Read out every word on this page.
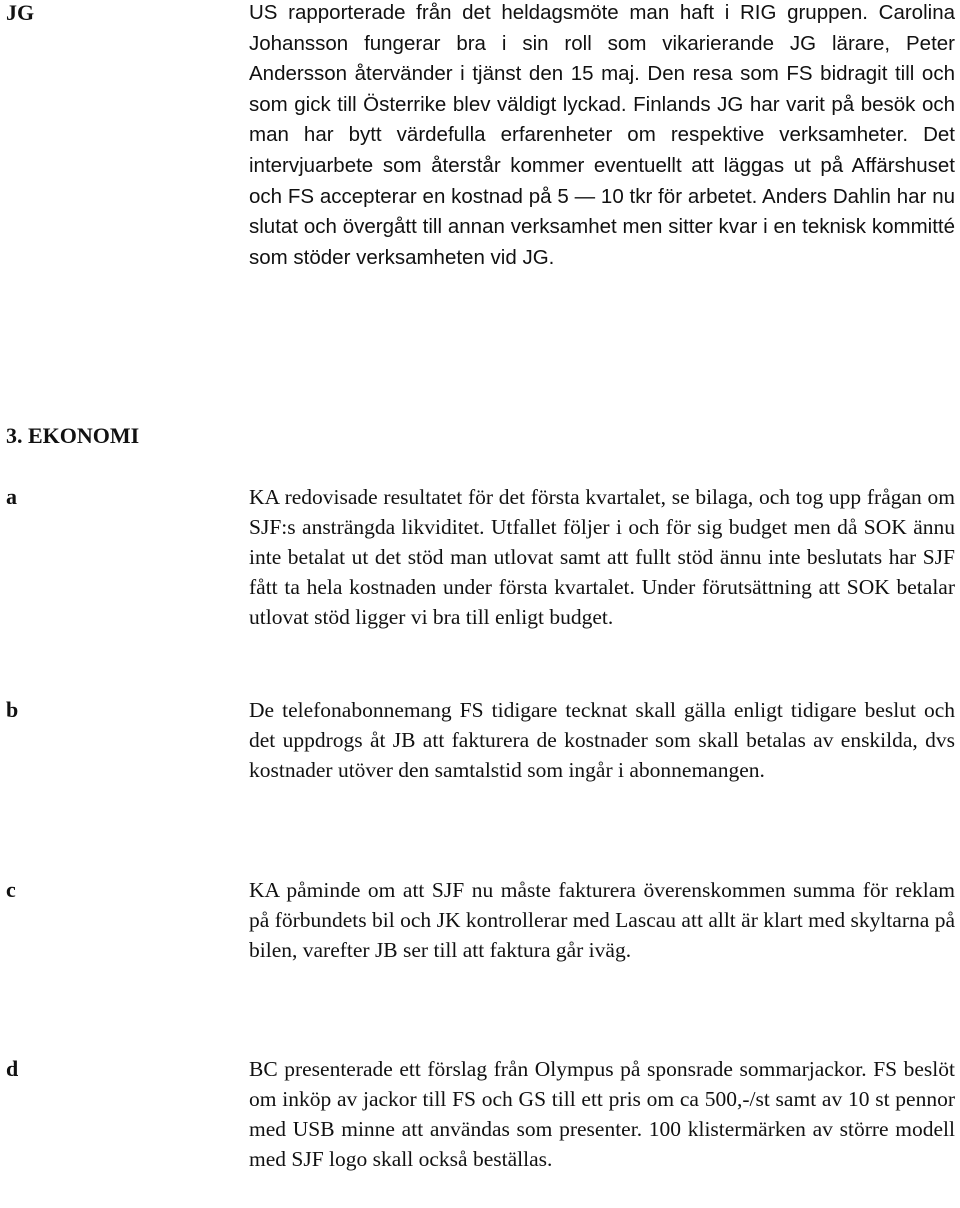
JG	US rapporterade från det heldagsmöte man haft i RIG gruppen. Carolina Johansson fungerar bra i sin roll som vikarierande JG lärare, Peter Andersson återvänder i tjänst den 15 maj. Den resa som FS bidragit till och som gick till Österrike blev väldigt lyckad. Finlands JG har varit på besök och man har bytt värdefulla erfarenheter om respektive verksamheter. Det intervjuarbete som återstår kommer eventuellt att läggas ut på Affärshuset och FS accepterar en kostnad på 5 — 10 tkr för arbetet. Anders Dahlin har nu slutat och övergått till annan verksamhet men sitter kvar i en teknisk kommitté som stöder verksamheten vid JG.

3. EKONOMI
a	KA redovisade resultatet för det första kvartalet, se bilaga, och tog upp frågan om SJF:s ansträngda likviditet. Utfallet följer i och för sig budget men då SOK ännu inte betalat ut det stöd man utlovat samt att fullt stöd ännu inte beslutats har SJF fått ta hela kostnaden under första kvartalet. Under förutsättning att SOK betalar utlovat stöd ligger vi bra till enligt budget.

b	De telefonabonnemang FS tidigare tecknat skall gälla enligt tidigare beslut och det uppdrogs åt JB att fakturera de kostnader som skall betalas av enskilda, dvs kostnader utöver den samtalstid som ingår i abonnemangen.

c	KA påminde om att SJF nu måste fakturera överenskommen summa för reklam på förbundets bil och JK kontrollerar med Lascau att allt är klart med skyltarna på bilen, varefter JB ser till att faktura går iväg.

d	BC presenterade ett förslag från Olympus på sponsrade sommarjackor. FS beslöt om inköp av jackor till FS och GS till ett pris om ca 500,-/st samt av 10 st pennor med USB minne att användas som presenter. 100 klistermärken av större modell med SJF logo skall också beställas.
